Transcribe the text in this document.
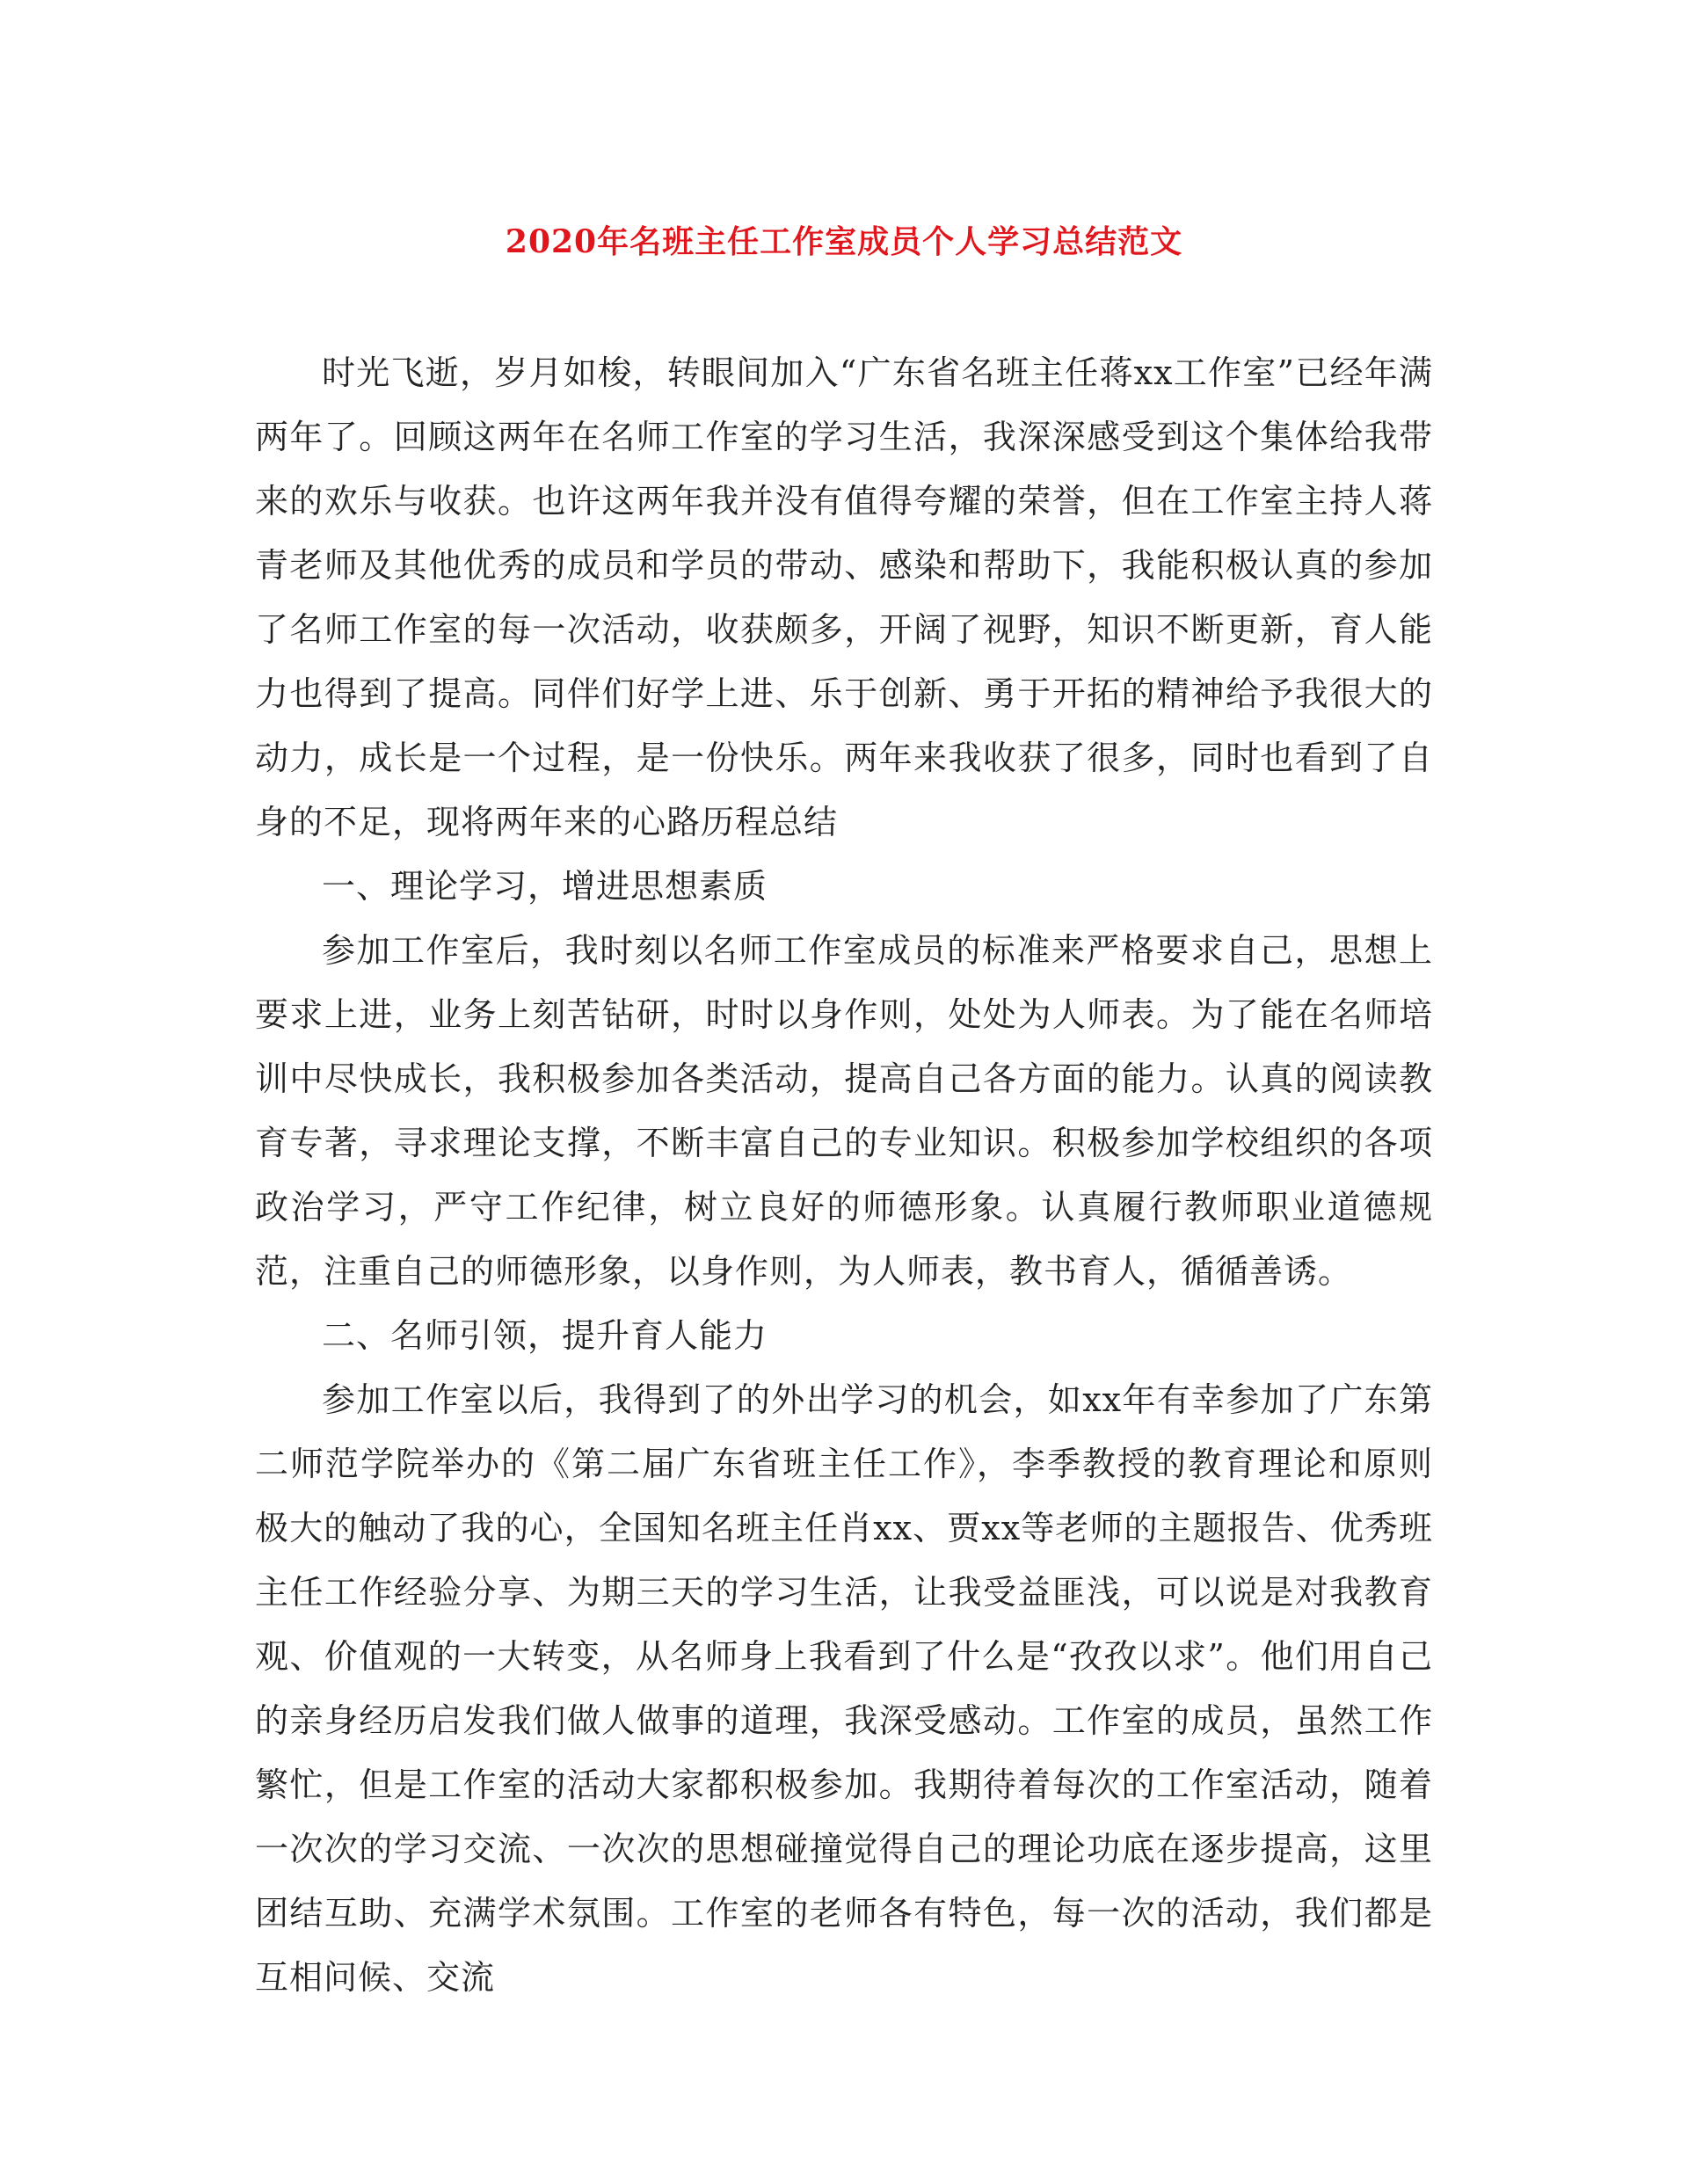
2020年名班主任工作室成员个人学习总结范文

时光飞逝，岁月如梭，转眼间加入“广东省名班主任蒋xx工作室”已经年满两年了。回顾这两年在名师工作室的学习生活，我深深感受到这个集体给我带来的欢乐与收获。也许这两年我并没有值得夸耀的荣誉，但在工作室主持人蒋青老师及其他优秀的成员和学员的带动、感染和帮助下，我能积极认真的参加了名师工作室的每一次活动，收获颇多，开阔了视野，知识不断更新，育人能力也得到了提高。同伴们好学上进、乐于创新、勇于开拓的精神给予我很大的动力，成长是一个过程，是一份快乐。两年来我收获了很多，同时也看到了自身的不足，现将两年来的心路历程总结

一、理论学习，增进思想素质

参加工作室后，我时刻以名师工作室成员的标准来严格要求自己，思想上要求上进，业务上刻苦钻研，时时以身作则，处处为人师表。为了能在名师培训中尽快成长，我积极参加各类活动，提高自己各方面的能力。认真的阅读教育专著，寻求理论支撑，不断丰富自己的专业知识。积极参加学校组织的各项政治学习，严守工作纪律，树立良好的师德形象。认真履行教师职业道德规范，注重自己的师德形象，以身作则，为人师表，教书育人，循循善诱。

二、名师引领，提升育人能力

参加工作室以后，我得到了的外出学习的机会，如xx年有幸参加了广东第二师范学院举办的《第二届广东省班主任工作》，李季教授的教育理论和原则极大的触动了我的心，全国知名班主任肖xx、贾xx等老师的主题报告、优秀班主任工作经验分享、为期三天的学习生活，让我受益匪浅，可以说是对我教育观、价值观的一大转变，从名师身上我看到了什么是“孜孜以求”。他们用自己的亲身经历启发我们做人做事的道理，我深受感动。工作室的成员，虽然工作繁忙，但是工作室的活动大家都积极参加。我期待着每次的工作室活动，随着一次次的学习交流、一次次的思想碰撞觉得自己的理论功底在逐步提高，这里团结互助、充满学术氛围。工作室的老师各有特色，每一次的活动，我们都是互相问候、交流
